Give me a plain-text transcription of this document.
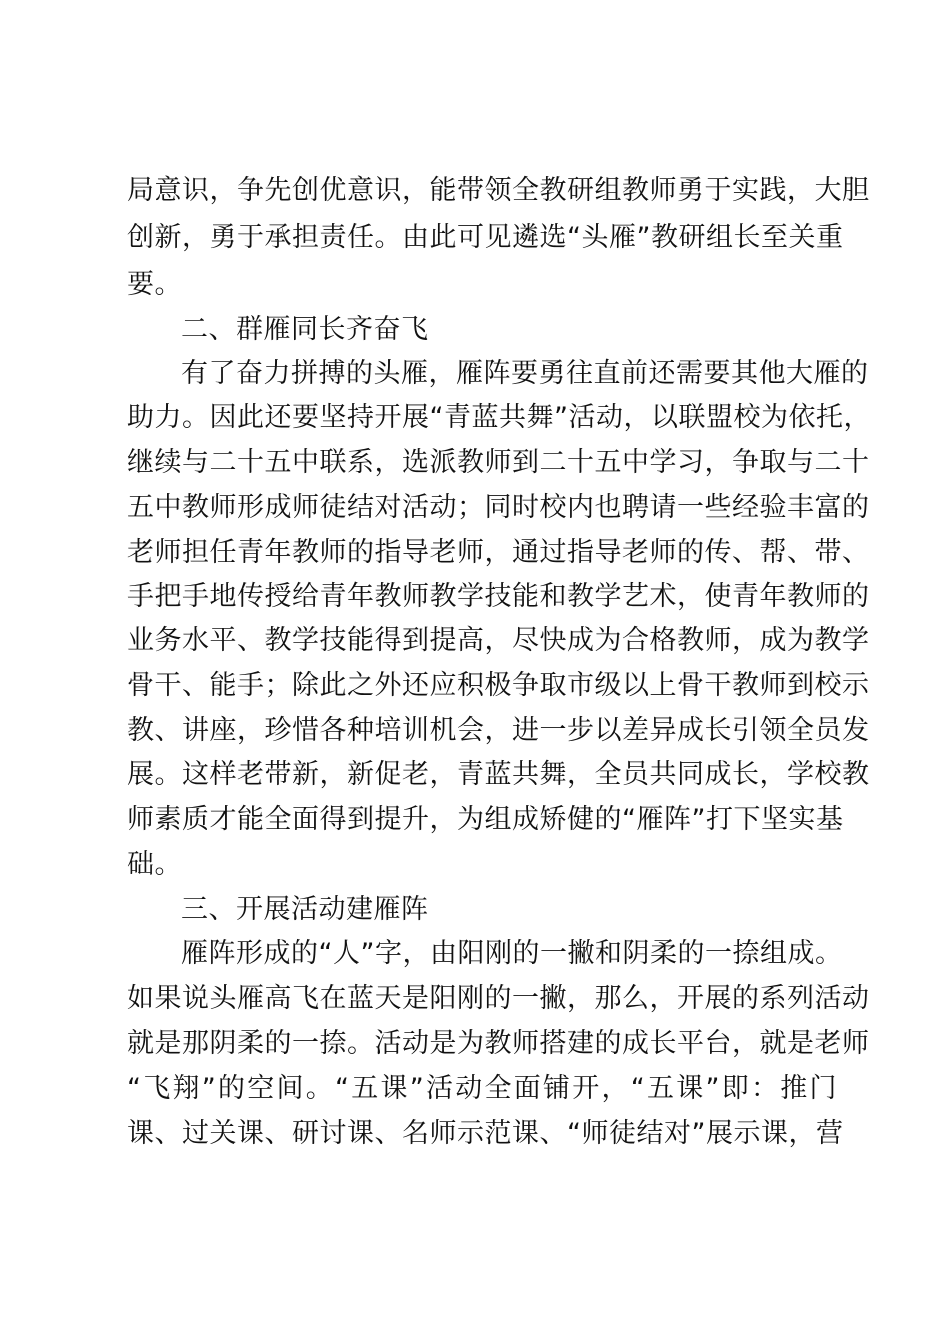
局意识，争先创优意识，能带领全教研组教师勇于实践，大胆
创新，勇于承担责任。由此可见遴选“头雁”教研组长至关重
要。
二、群雁同长齐奋飞
有了奋力拼搏的头雁，雁阵要勇往直前还需要其他大雁的
助力。因此还要坚持开展“青蓝共舞”活动，以联盟校为依托，
继续与二十五中联系，选派教师到二十五中学习，争取与二十
五中教师形成师徒结对活动；同时校内也聘请一些经验丰富的
老师担任青年教师的指导老师，通过指导老师的传、帮、带、
手把手地传授给青年教师教学技能和教学艺术，使青年教师的
业务水平、教学技能得到提高，尽快成为合格教师，成为教学
骨干、能手；除此之外还应积极争取市级以上骨干教师到校示
教、讲座，珍惜各种培训机会，进一步以差异成长引领全员发
展。这样老带新，新促老，青蓝共舞，全员共同成长，学校教
师素质才能全面得到提升，为组成矫健的“雁阵”打下坚实基
础。
三、开展活动建雁阵
雁阵形成的“人”字，由阳刚的一撇和阴柔的一捺组成。
如果说头雁高飞在蓝天是阳刚的一撇，那么，开展的系列活动
就是那阴柔的一捺。活动是为教师搭建的成长平台，就是老师
“飞翔”的空间。“五课”活动全面铺开，“五课”即：推门
课、过关课、研讨课、名师示范课、“师徒结对”展示课，营
